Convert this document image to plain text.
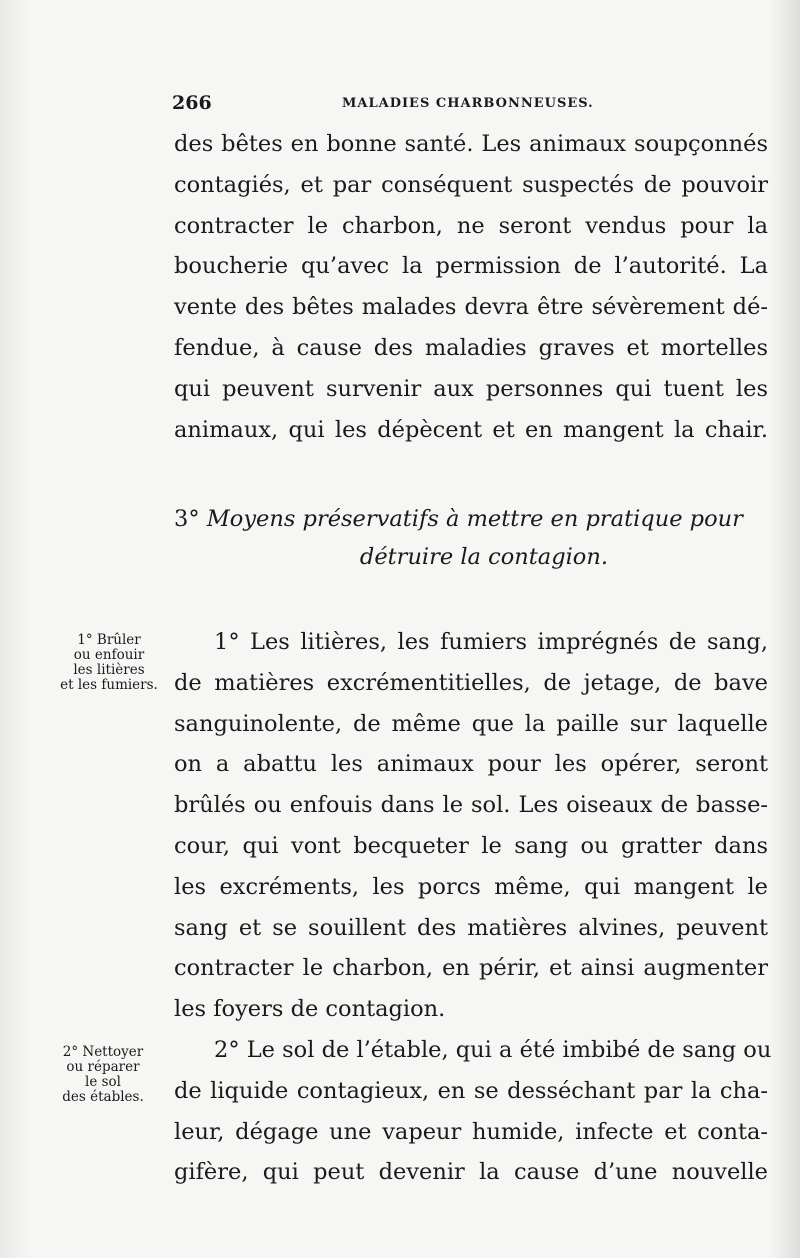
266	MALADIES CHARBONNEUSES.
des bêtes en bonne santé. Les animaux soupçonnés
contagiés, et par conséquent suspectés de pouvoir
contracter le charbon, ne seront vendus pour la
boucherie qu’avec la permission de l’autorité. La
vente des bêtes malades devra être sévèrement dé-
fendue, à cause des maladies graves et mortelles
qui peuvent survenir aux personnes qui tuent les
animaux, qui les dépècent et en mangent la chair.
3° Moyens préservatifs à mettre en pratique pour
détruire la contagion.
1° Les litières, les fumiers imprégnés de sang,
de matières excrémentitielles, de jetage, de bave
sanguinolente, de même que la paille sur laquelle
on a abattu les animaux pour les opérer, seront
brûlés ou enfouis dans le sol. Les oiseaux de basse-
cour, qui vont becqueter le sang ou gratter dans
les excréments, les porcs même, qui mangent le
sang et se souillent des matières alvines, peuvent
contracter le charbon, en périr, et ainsi augmenter
les foyers de contagion.
2° Le sol de l’étable, qui a été imbibé de sang ou
de liquide contagieux, en se desséchant par la cha-
leur, dégage une vapeur humide, infecte et conta-
gifère, qui peut devenir la cause d’une nouvelle
1° Brûler
ou enfouir
les litières
et les fumiers.
2° Nettoyer
ou réparer
le sol
des étables.
